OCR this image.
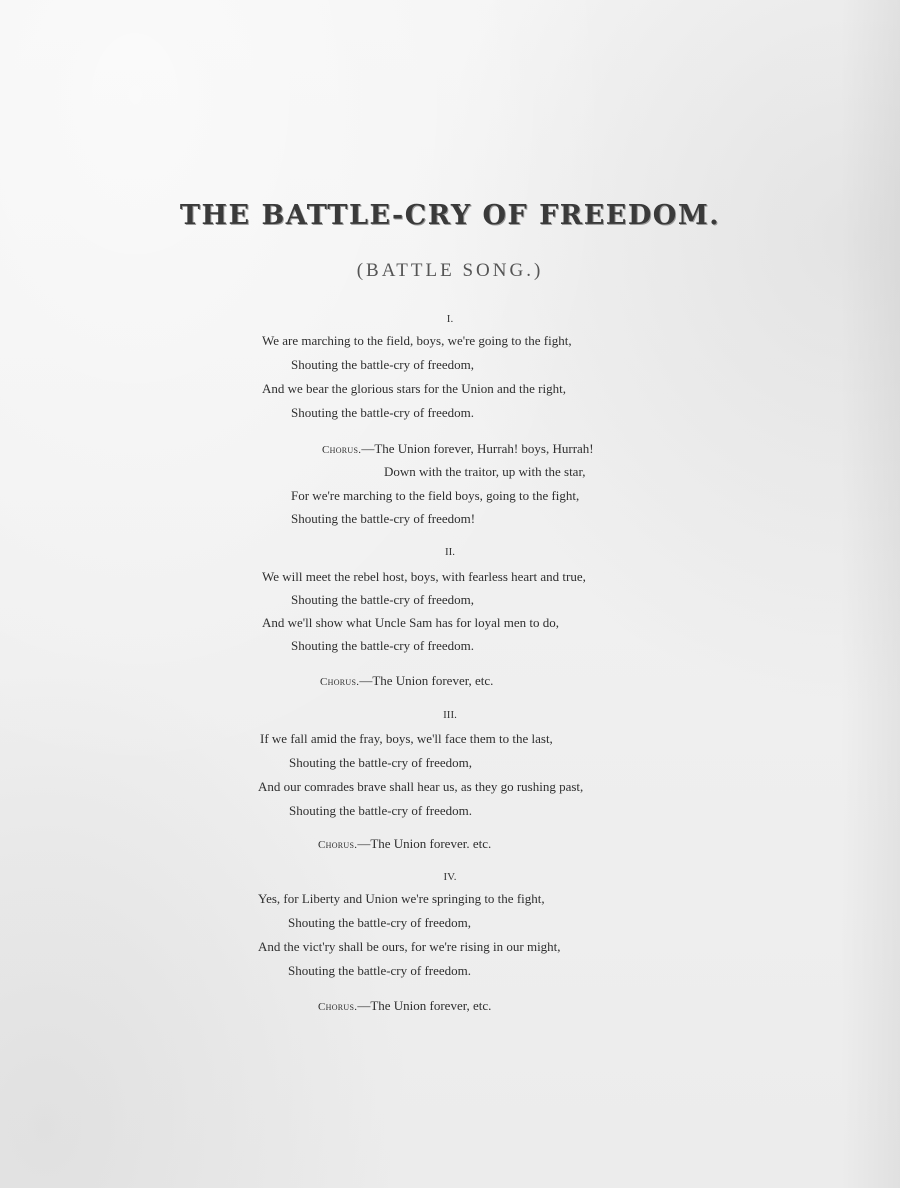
THE BATTLE-CRY OF FREEDOM.
(BATTLE SONG.)
I.
We are marching to the field, boys, we're going to the fight,
Shouting the battle-cry of freedom,
And we bear the glorious stars for the Union and the right,
Shouting the battle-cry of freedom.
Chorus.—The Union forever, Hurrah! boys, Hurrah!
Down with the traitor, up with the star,
For we're marching to the field boys, going to the fight,
Shouting the battle-cry of freedom!
II.
We will meet the rebel host, boys, with fearless heart and true,
Shouting the battle-cry of freedom,
And we'll show what Uncle Sam has for loyal men to do,
Shouting the battle-cry of freedom.
Chorus.—The Union forever, etc.
III.
If we fall amid the fray, boys, we'll face them to the last,
Shouting the battle-cry of freedom,
And our comrades brave shall hear us, as they go rushing past,
Shouting the battle-cry of freedom.
Chorus.—The Union forever. etc.
IV.
Yes, for Liberty and Union we're springing to the fight,
Shouting the battle-cry of freedom,
And the vict'ry shall be ours, for we're rising in our might,
Shouting the battle-cry of freedom.
Chorus.—The Union forever, etc.
